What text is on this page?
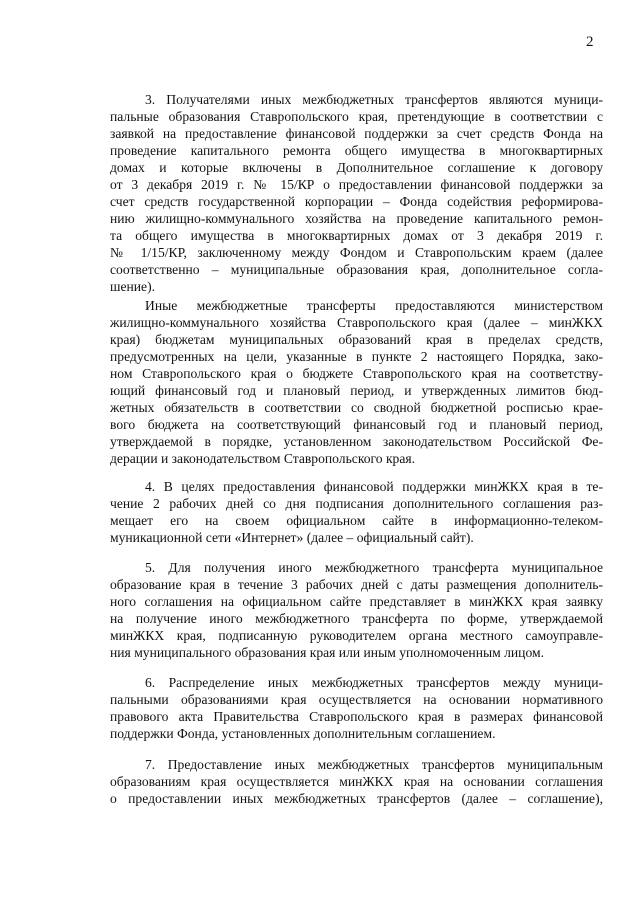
2
3. Получателями иных межбюджетных трансфертов являются муници-
пальные образования Ставропольского края, претендующие в соответствии с
заявкой на предоставление финансовой поддержки за счет средств Фонда на
проведение капитального ремонта общего имущества в многоквартирных
домах и которые включены в Дополнительное соглашение к договору
от 3 декабря 2019 г. № 15/КР о предоставлении финансовой поддержки за
счет средств государственной корпорации – Фонда содействия реформирова-
нию жилищно-коммунального хозяйства на проведение капитального ремон-
та общего имущества в многоквартирных домах от 3 декабря 2019 г.
№ 1/15/КР, заключенному между Фондом и Ставропольским краем (далее
соответственно – муниципальные образования края, дополнительное согла-
шение).
Иные межбюджетные трансферты предоставляются министерством
жилищно-коммунального хозяйства Ставропольского края (далее – минЖКХ
края) бюджетам муниципальных образований края в пределах средств,
предусмотренных на цели, указанные в пункте 2 настоящего Порядка, зако-
ном Ставропольского края о бюджете Ставропольского края на соответству-
ющий финансовый год и плановый период, и утвержденных лимитов бюд-
жетных обязательств в соответствии со сводной бюджетной росписью крае-
вого бюджета на соответствующий финансовый год и плановый период,
утверждаемой в порядке, установленном законодательством Российской Фе-
дерации и законодательством Ставропольского края.
4. В целях предоставления финансовой поддержки минЖКХ края в те-
чение 2 рабочих дней со дня подписания дополнительного соглашения раз-
мещает его на своем официальном сайте в информационно-телеком-
муникационной сети «Интернет» (далее – официальный сайт).
5. Для получения иного межбюджетного трансферта муниципальное
образование края в течение 3 рабочих дней с даты размещения дополнитель-
ного соглашения на официальном сайте представляет в минЖКХ края заявку
на получение иного межбюджетного трансферта по форме, утверждаемой
минЖКХ края, подписанную руководителем органа местного самоуправле-
ния муниципального образования края или иным уполномоченным лицом.
6. Распределение иных межбюджетных трансфертов между муници-
пальными образованиями края осуществляется на основании нормативного
правового акта Правительства Ставропольского края в размерах финансовой
поддержки Фонда, установленных дополнительным соглашением.
7. Предоставление иных межбюджетных трансфертов муниципальным
образованиям края осуществляется минЖКХ края на основании соглашения
о предоставлении иных межбюджетных трансфертов (далее – соглашение),
